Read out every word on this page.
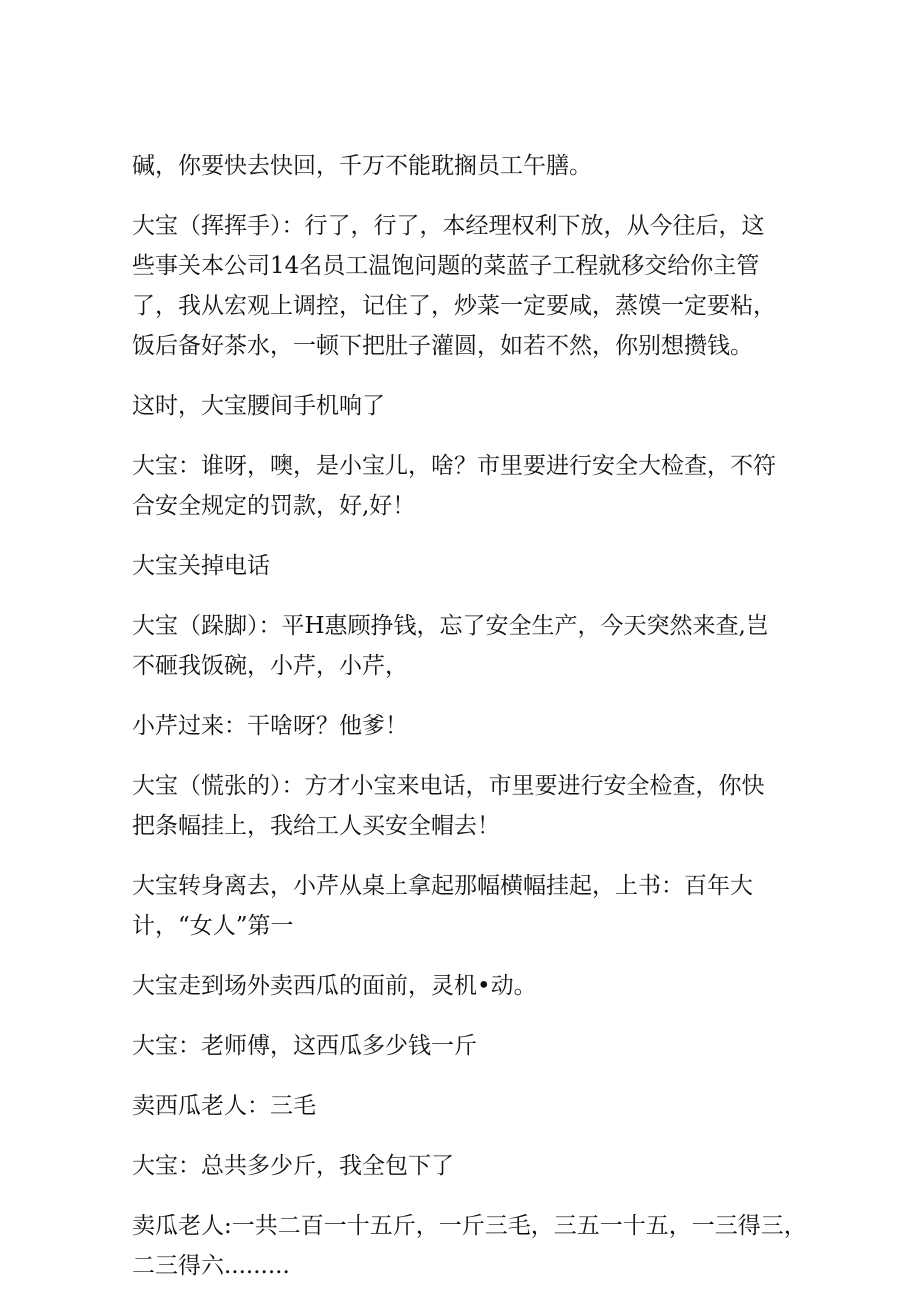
碱，你要快去快回，千万不能耽搁员工午膳。
大宝（挥挥手）：行了，行了，本经理权利下放，从今往后，这
些事关本公司14名员工温饱问题的菜蓝子工程就移交给你主管
了，我从宏观上调控，记住了，炒菜一定要咸，蒸馍一定要粘，
饭后备好茶水，一顿下把肚子灌圆，如若不然，你别想攒钱。
这时，大宝腰间手机响了
大宝：谁呀，噢，是小宝儿，啥？市里要进行安全大检查，不符
合安全规定的罚款，好,好！
大宝关掉电话
大宝（跺脚）：平H惠顾挣钱，忘了安全生产，今天突然来查,岂
不砸我饭碗，小芹，小芹，
小芹过来：干啥呀？他爹！
大宝（慌张的）：方才小宝来电话，市里要进行安全检查，你快
把条幅挂上，我给工人买安全帽去！
大宝转身离去，小芹从桌上拿起那幅横幅挂起，上书：百年大
计，“女人”第一
大宝走到场外卖西瓜的面前，灵机•动。
大宝：老师傅，这西瓜多少钱一斤
卖西瓜老人：三毛
大宝：总共多少斤，我全包下了
卖瓜老人:一共二百一十五斤，一斤三毛，三五一十五，一三得三，
二三得六.........
